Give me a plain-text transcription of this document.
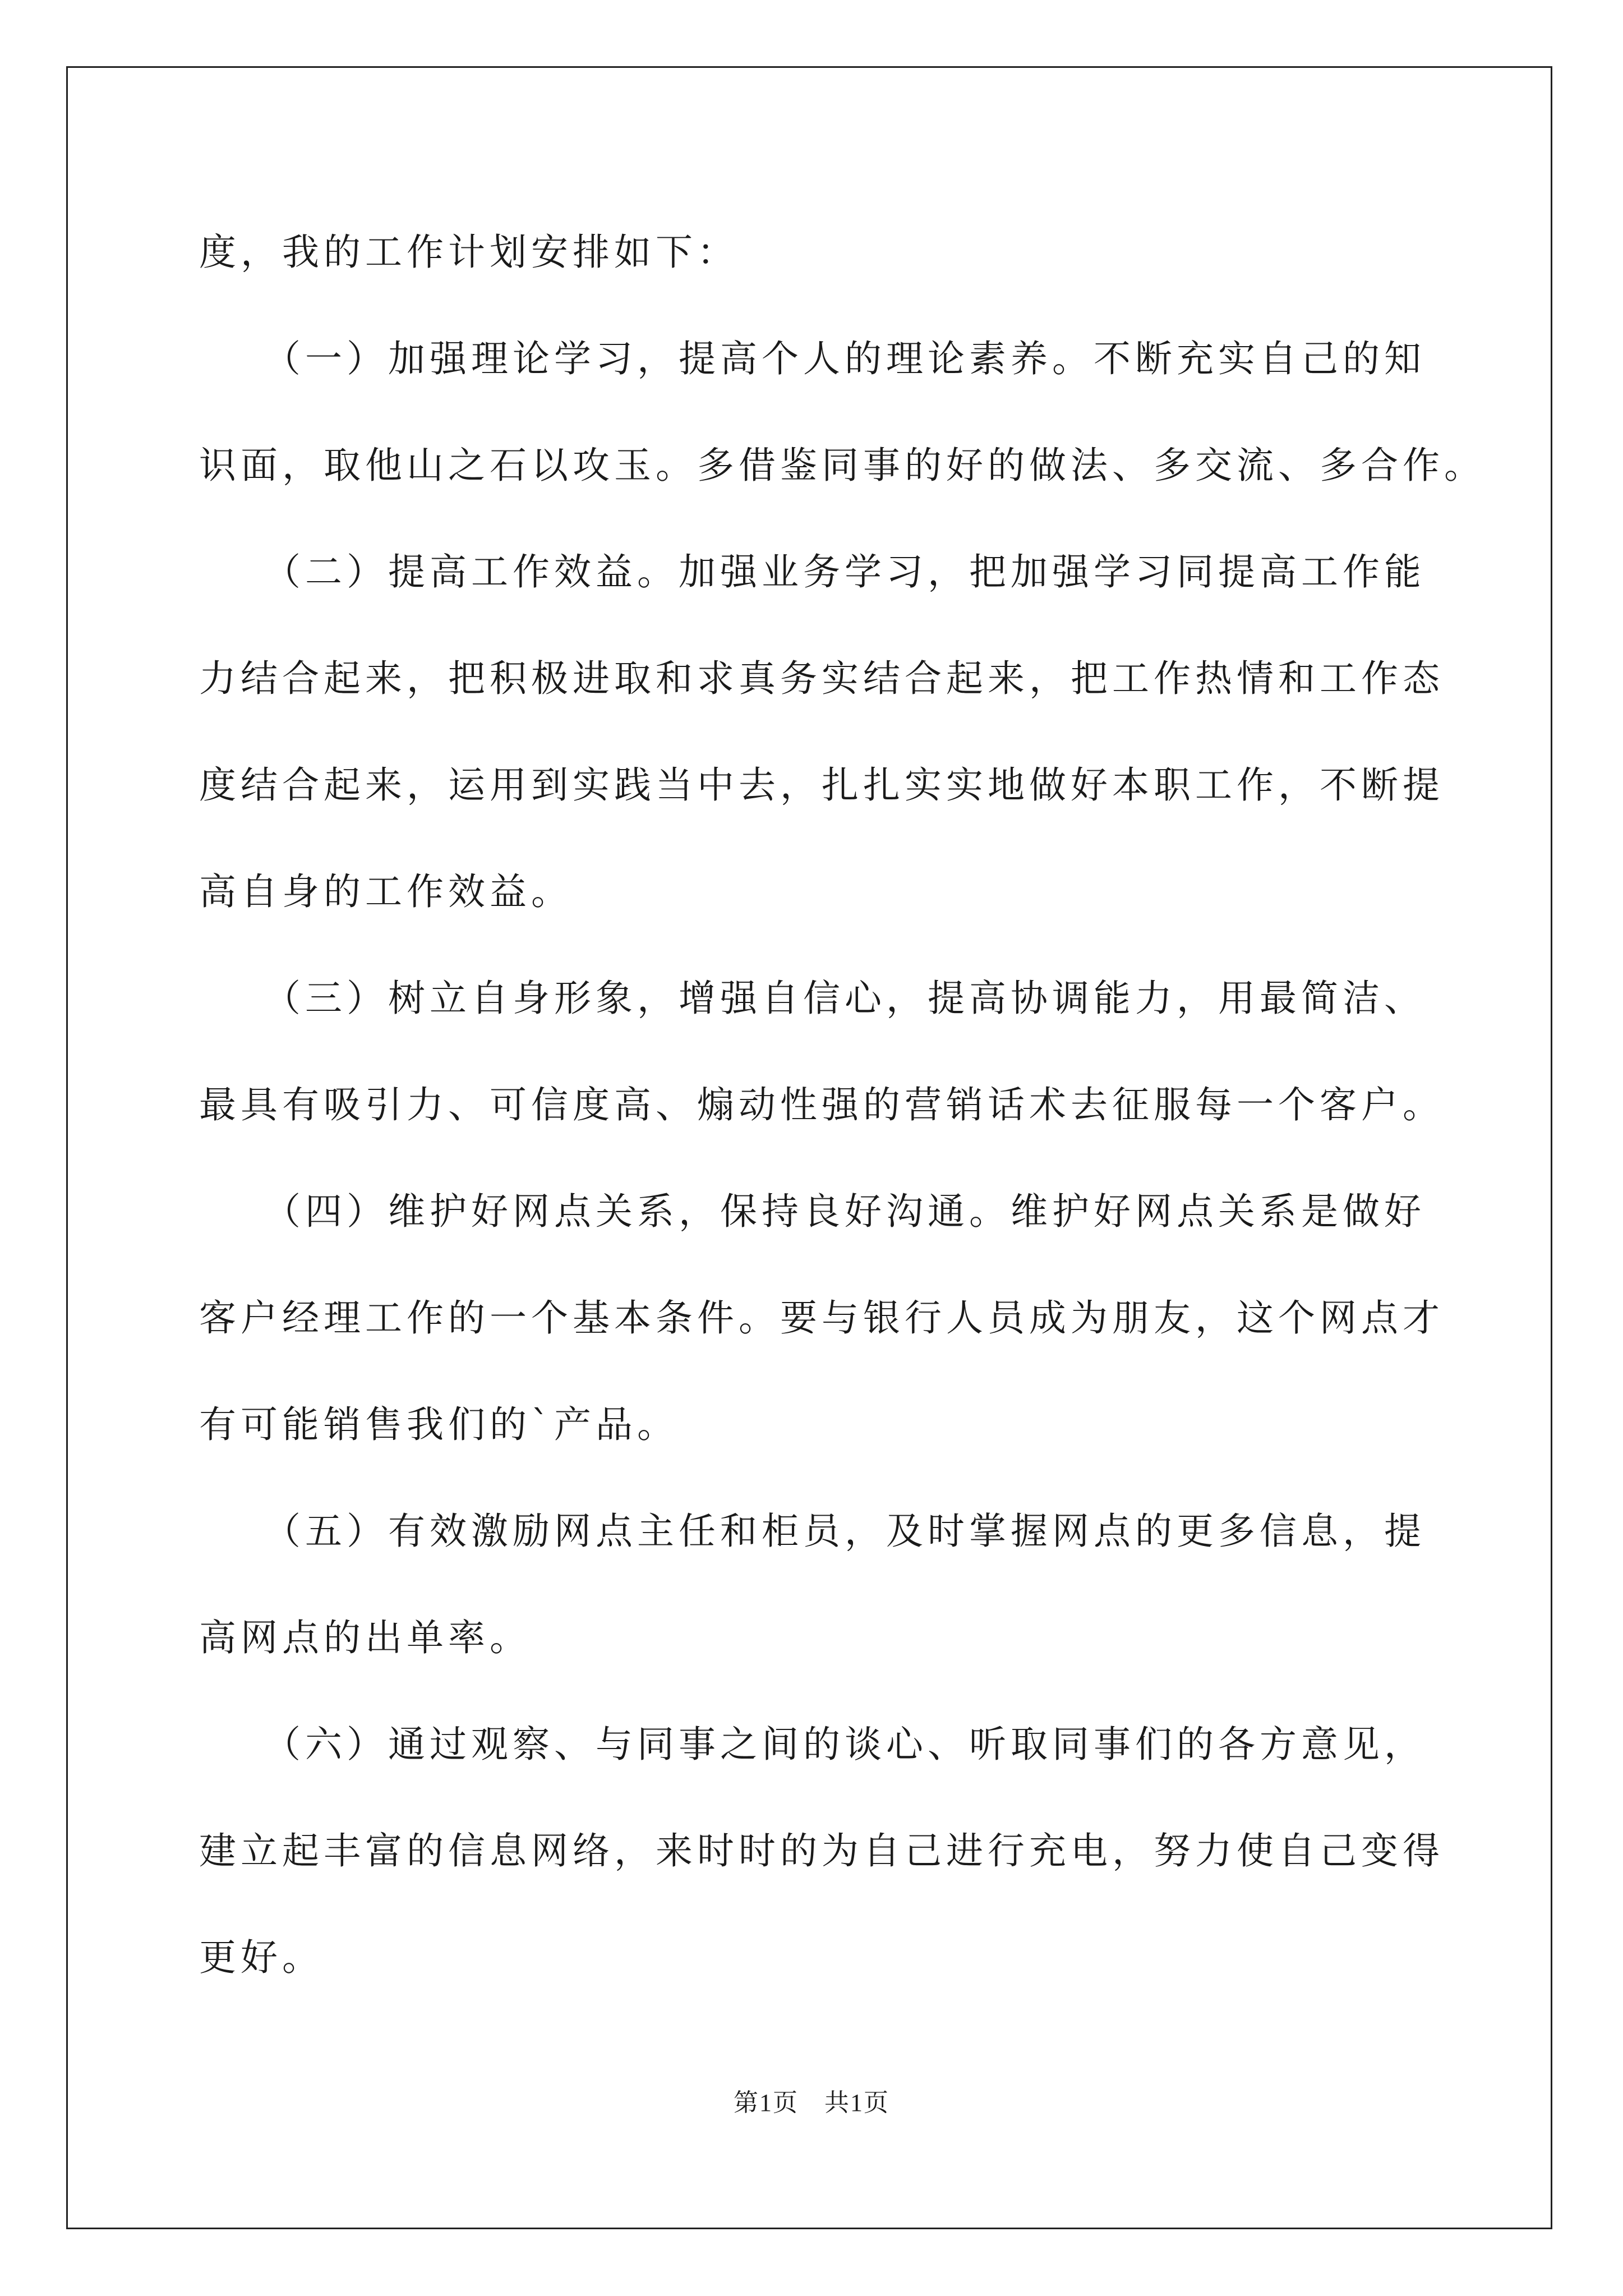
度，我的工作计划安排如下：
　　（一）加强理论学习，提高个人的理论素养。不断充实自己的知
识面，取他山之石以攻玉。多借鉴同事的好的做法、多交流、多合作。
　　（二）提高工作效益。加强业务学习，把加强学习同提高工作能
力结合起来，把积极进取和求真务实结合起来，把工作热情和工作态
度结合起来，运用到实践当中去，扎扎实实地做好本职工作，不断提
高自身的工作效益。
　　（三）树立自身形象，增强自信心，提高协调能力，用最简洁、
最具有吸引力、可信度高、煽动性强的营销话术去征服每一个客户。
　　（四）维护好网点关系，保持良好沟通。维护好网点关系是做好
客户经理工作的一个基本条件。要与银行人员成为朋友，这个网点才
有可能销售我们的`产品。
　　（五）有效激励网点主任和柜员，及时掌握网点的更多信息，提
高网点的出单率。
　　（六）通过观察、与同事之间的谈心、听取同事们的各方意见，
建立起丰富的信息网络，来时时的为自己进行充电，努力使自己变得
更好。
第1页　共1页
